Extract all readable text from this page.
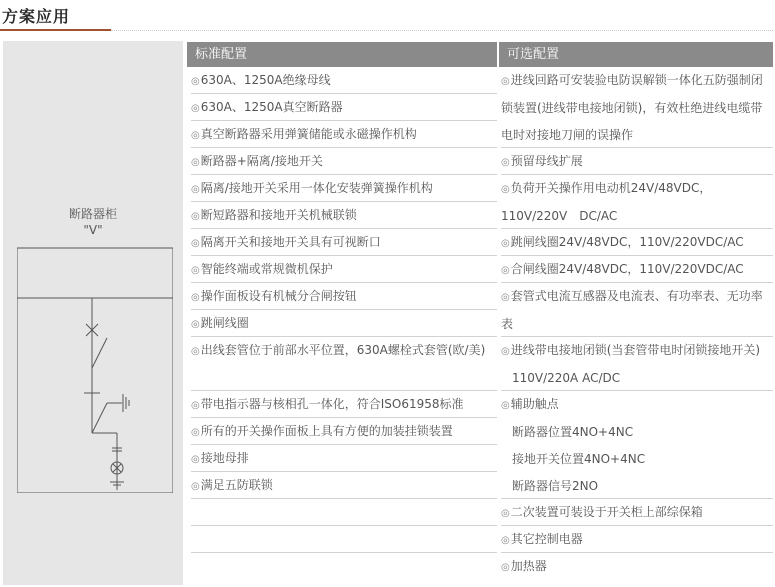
方案应用
断路器柜
"V"
标准配置	可选配置
◎630A、1250A绝缘母线
◎630A、1250A真空断路器
◎真空断路器采用弹簧储能或永磁操作机构
◎断路器+隔离/接地开关
◎隔离/接地开关采用一体化安装弹簧操作机构
◎断短路器和接地开关机械联锁
◎隔离开关和接地开关具有可视断口
◎智能终端或常规微机保护
◎操作面板设有机械分合闸按钮
◎跳闸线圈
◎出线套管位于前部水平位置，630A螺栓式套管(欧/美)
◎带电指示器与核相孔一体化，符合ISO61958标准
◎所有的开关操作面板上具有方便的加装挂锁装置
◎接地母排
◎满足五防联锁
◎进线回路可安装验电防误解锁一体化五防强制闭锁装置(进线带电接地闭锁)，有效杜绝进线电缆带电时对接地刀闸的误操作
◎预留母线扩展
◎负荷开关操作用电动机24V/48VDC，
110V/220V　DC/AC
◎跳闸线圈24V/48VDC，110V/220VDC/AC
◎合闸线圈24V/48VDC，110V/220VDC/AC
◎套管式电流互感器及电流表、有功率表、无功率表
◎进线带电接地闭锁(当套管带电时闭锁接地开关)
110V/220A AC/DC
◎辅助触点
断路器位置4NO+4NC
接地开关位置4NO+4NC
断路器信号2NO
◎二次装置可装设于开关柜上部综保箱
◎其它控制电器
◎加热器
